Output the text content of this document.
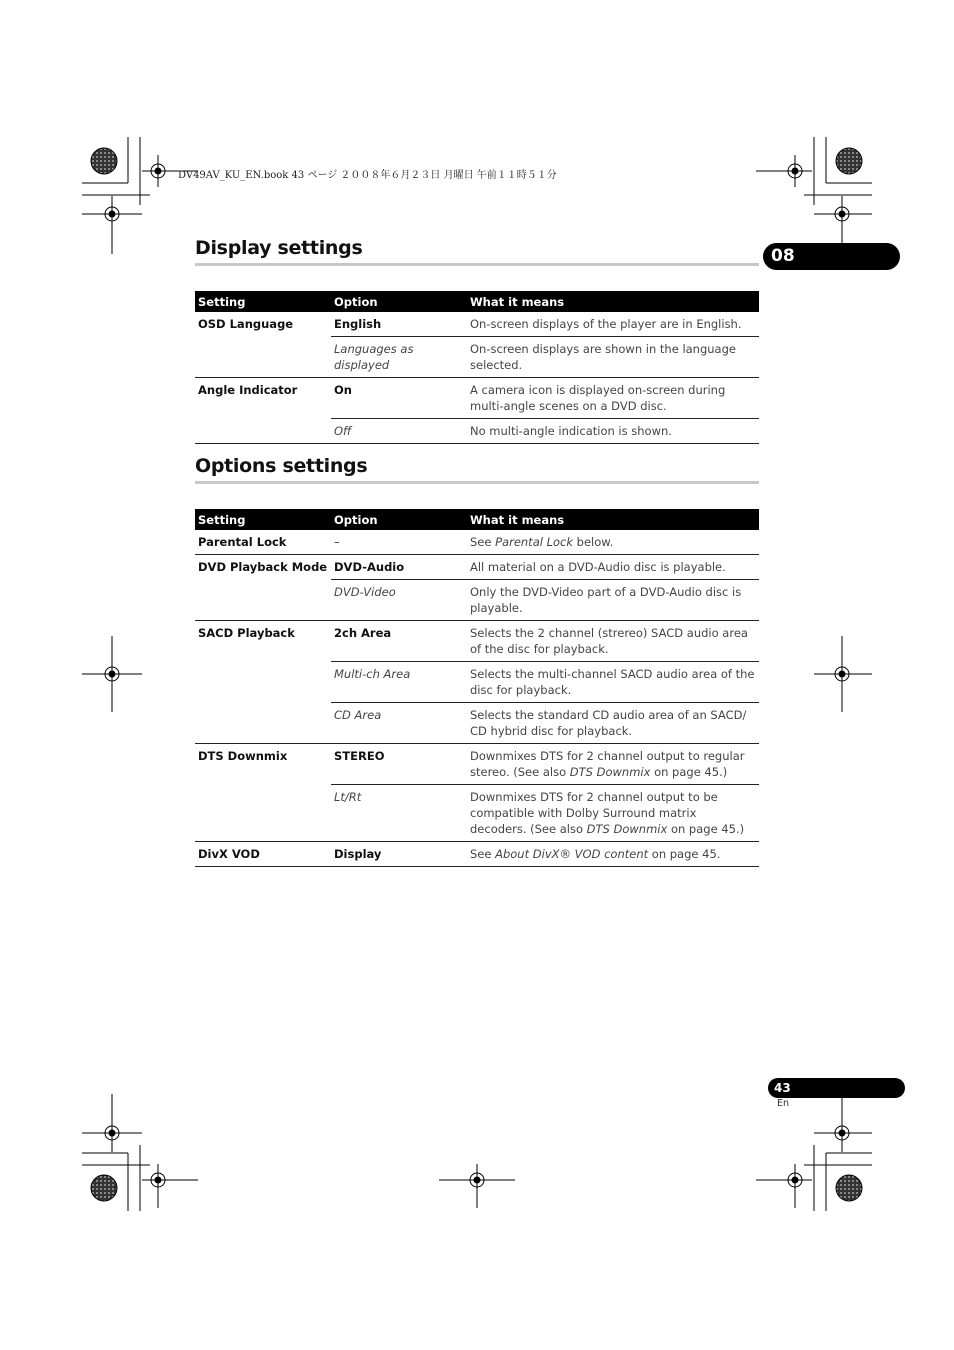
DV49AV_KU_EN.book 43 ページ ２００８年６月２３日 月曜日 午前１１時５１分
Display settings	08
Setting	Option	What it means
OSD Language	English	On-screen displays of the player are in English.
	Languages as displayed	On-screen displays are shown in the language selected.
Angle Indicator	On	A camera icon is displayed on-screen during multi-angle scenes on a DVD disc.
	Off	No multi-angle indication is shown.
Options settings
Setting	Option	What it means
Parental Lock	–	See Parental Lock below.
DVD Playback Mode	DVD-Audio	All material on a DVD-Audio disc is playable.
	DVD-Video	Only the DVD-Video part of a DVD-Audio disc is playable.
SACD Playback	2ch Area	Selects the 2 channel (strereo) SACD audio area of the disc for playback.
	Multi-ch Area	Selects the multi-channel SACD audio area of the disc for playback.
	CD Area	Selects the standard CD audio area of an SACD/ CD hybrid disc for playback.
DTS Downmix	STEREO	Downmixes DTS for 2 channel output to regular stereo. (See also DTS Downmix on page 45.)
	Lt/Rt	Downmixes DTS for 2 channel output to be compatible with Dolby Surround matrix decoders. (See also DTS Downmix on page 45.)
DivX VOD	Display	See About DivX® VOD content on page 45.
43
En
